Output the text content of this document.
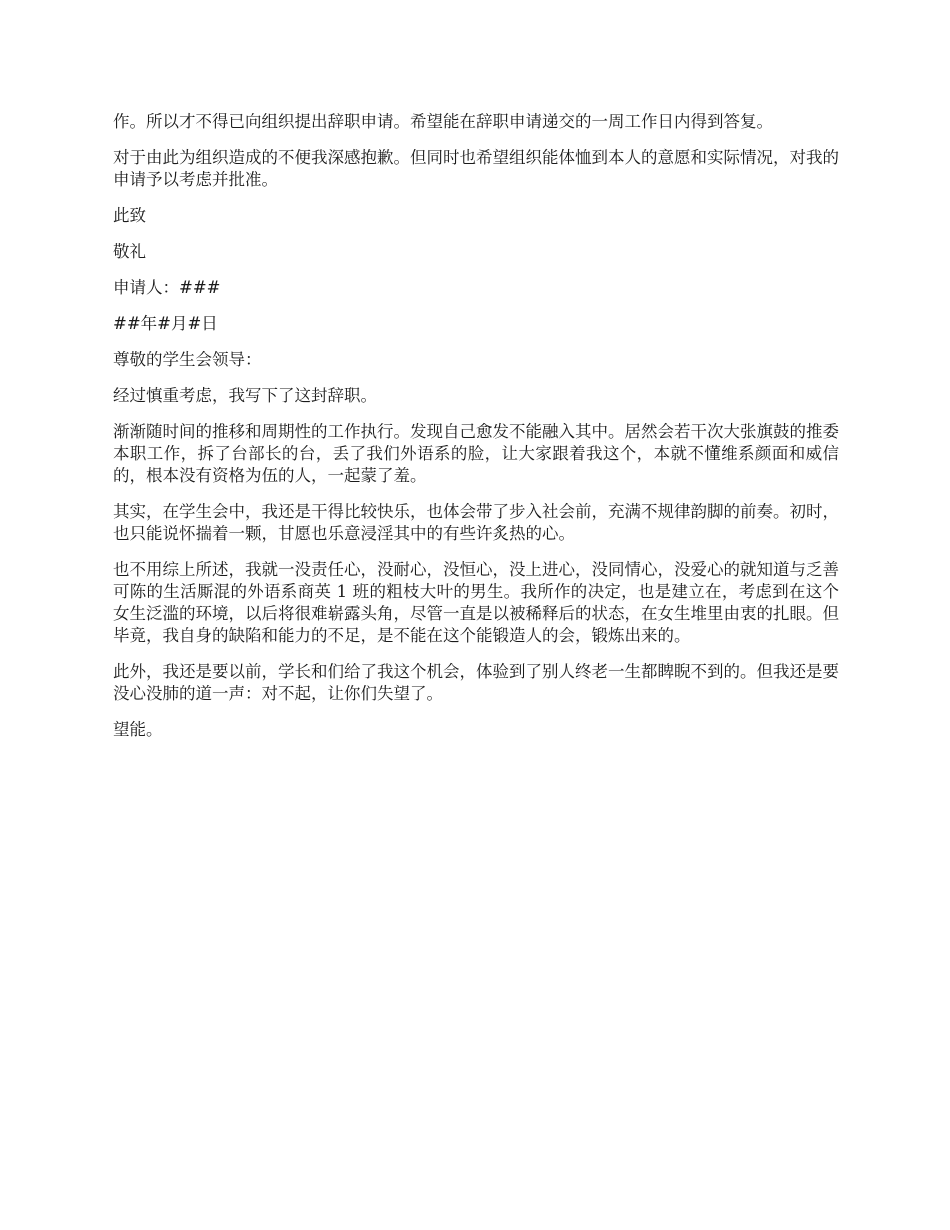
作。所以才不得已向组织提出辞职申请。希望能在辞职申请递交的一周工作日内得到答复。

对于由此为组织造成的不便我深感抱歉。但同时也希望组织能体恤到本人的意愿和实际情况，对我的申请予以考虑并批准。

此致

敬礼

申请人：###

##年#月#日

尊敬的学生会领导：

经过慎重考虑，我写下了这封辞职。

渐渐随时间的推移和周期性的工作执行。发现自己愈发不能融入其中。居然会若干次大张旗鼓的推委本职工作，拆了台部长的台，丢了我们外语系的脸，让大家跟着我这个，本就不懂维系颜面和威信的，根本没有资格为伍的人，一起蒙了羞。

其实，在学生会中，我还是干得比较快乐，也体会带了步入社会前，充满不规律韵脚的前奏。初时，也只能说怀揣着一颗，甘愿也乐意浸淫其中的有些许炙热的心。

也不用综上所述，我就一没责任心，没耐心，没恒心，没上进心，没同情心，没爱心的就知道与乏善可陈的生活厮混的外语系商英 1 班的粗枝大叶的男生。我所作的决定，也是建立在，考虑到在这个女生泛滥的环境，以后将很难崭露头角，尽管一直是以被稀释后的状态，在女生堆里由衷的扎眼。但毕竟，我自身的缺陷和能力的不足，是不能在这个能锻造人的会，锻炼出来的。

此外，我还是要以前，学长和们给了我这个机会，体验到了别人终老一生都睥睨不到的。但我还是要没心没肺的道一声：对不起，让你们失望了。

望能。
